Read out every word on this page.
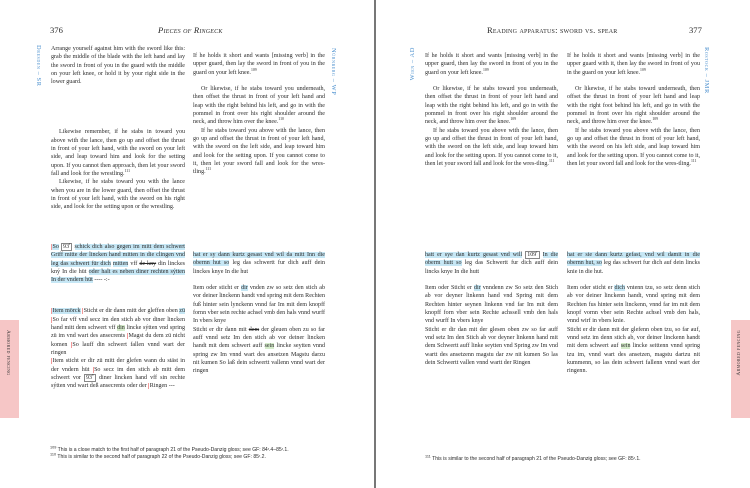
376	Pieces of Ringeck
Dresden – SR	Nürnberg – WP

Arrange yourself against him with the sword like this: grab the middle of the blade with the left hand and lay the sword in front of you in the guard with the middle on your left knee, or hold it by your right side in the lower guard.

Likewise remember, if he stabs in toward you above with the lance, then go up and offset the thrust in front of your left hand, with the sword on your left side, and leap toward him and look for the setting upon. If you cannot then approach, then let your sword fall and look for the wrestling.$^{111}$

Likewise, if he stabs toward you with the lance when you are in the lower guard, then offset the thrust in front of your left hand, with the sword on his right side, and look for the setting upon or the wrestling.

If he holds it short and wants [missing verb] in the upper guard, then lay the sword in front of you in the guard on your left knee.$^{109}$

Or likewise, if he stabs toward you underneath, then offset the thrust in front of your left hand and leap with the right behind his left, and go in with the pommel in front over his right shoulder around the neck, and throw him over the knee.$^{110}$

If he stabs toward you above with the lance, then go up and offset the thrust in front of your left hand, with the sword on the left side, and leap toward him and look for the setting upon. If you cannot come to it, then let your sword fall and look for the wres-tling.$^{111}$

So 93$^r$ schick dich also gegen im mitt dem schwert Griff mitte der lincken hand mitten in die clingen vnd leg das schwert für dich mitten vff de kny din linckes kný In die hüt oder halt es neben diner rechten sýtten In der vndern hüt ---- -:-

Item mörck Sticht er dir dann mitt der gleffen oben zü So far vff vnd secz im den stich ab vor diner lincken hand mitt dem schwert vff din lincke sýtten vnd spring zü im vnd wart des ansecrents Magst du dem zü nicht komen So lauff din schwert fallen vnnd wart der ringen

Item sticht er dir zü mitt der glefen wann du stäst in der vndern hüt So secz im den stich ab mitt dem schwert vor 93$^v$ diner lincken hand vff sin rechte sýtten vnd wart deß ansecrents oder der Ringen ---

hat er sy dann kurtz gesast vnd wil da mitt Inn die obernn hut so leg das schwertt fur dich auff dein linckes knye In die hut

Item oder sticht er dir vnden zw so setz den stich ab vor deiner linckenn handt vnd spring mit dem Rechten fuß hinter sein lynckenn vnnd far Im mit dem knopff fornn vber sein rechte achsel vmb den hals vnnd wurff In vbers knye

Sticht er dir dann mit dem der gleuen oben zu so far auff vnnd setz Im den stich ab vor deiner lincken handt mit dem schwert auff sein lincke seytten vnnd spring zw Im vnnd wart des ansetzen Magstu darzu nit kumen So laß dein schwertt vallenn vnnd wart der ringen

Armored fencing
$^{109}$ This is a close match to the first half of paragraph 21 of the Pseudo-Danzig gloss; see GF: 84ʳ.4–85ʳ.1.
$^{110}$ This is similar to the second half of paragraph 22 of the Pseudo-Danzig gloss; see GF: 85ʳ.2.
Reading apparatus: sword vs. spear	377
Wien – AD	Rostock – JMR

If he holds it short and wants [missing verb] in the upper guard, then lay the sword in front of you in the guard on your left knee.$^{109}$

Or likewise, if he stabs toward you underneath, then offset the thrust in front of your left hand and leap with the right behind his left, and go in with the pommel in front over his right shoulder around the neck, and throw him over the knee.$^{109}$

If he stabs toward you above with the lance, then go up and offset the thrust in front of your left hand, with the sword on the left side, and leap toward him and look for the setting upon. If you cannot come to it, then let your sword fall and look for the wres-tling.$^{111}$

If he holds it short and wants [missing verb] in the upper guard with it, then lay the sword in front of you in the guard on your left knee.$^{109}$

Or likewise, if he stabs toward underneath, then offset the thrust in front of your left hand and leap with the right foot behind his left, and go in with the pommel in front over his right shoulder around the neck, and throw him over the knee.$^{109}$

If he stabs toward you above with the lance, then go up and offset the thrust in front of your left hand, with the sword on his left side, and leap toward him and look for the setting upon. If you cannot come to it, then let your sword fall and look for the wres-tling.$^{111}$

hatt er sye dan kurtz gesast vnd will 109$^r$ In die oberm hutt so leg das Schwertt fur dich auff dein lincks knye In die hutt

Item oder Sticht er dir vnndenn zw So setz den Stich ab vor deyner linkenn hand vnd Spring mit dem Rechten hinter seynen linkenn vnd far Im mit dem knopff forn vber sein Rechte achssell vmb den hals vnd wurff In vbers knye

Sticht er dir dan mit der glesen oben zw so far auff vnd setz Im den Stich ab vor deyner linkenn hand mit dem Schwertt auff linke seytten vnd Spring zw Im vnd wartt des ansetzenn magstu dar zw nit kumen So las dein Schwertt vallen vnnd wartt der Ringen

hat er sie dann kurtz gefast, vnd wil damit in die obernn hut, so leg das schwert fur dich auf dein lincks knie in die hut.

Item oder sticht er dich vntenn tzu, so setz denn stich ab vor deiner linckenn handt, vnnd spring mit dem Rechten fus hinter sein linckenn, vnnd far im mit dem knopf vornn vber sein Rechte achsel vmb den hals, vnnd wirf in vbers knie.

Sticht er dir dann mit der glefenn oben tzu, so far auf, vnnd setz im denn stich ab, vor deiner linckenn handt mit dem schwert auf sein lincke seittenn vnnd spring tzu im, vnnd wart des ansetzen, magstu dartzu nit kummenn, so las dein schwert fallenn vnnd wart der ringenn.	Armored fencing
$^{111}$ This is similar to the second half of paragraph 21 of the Pseudo-Danzig gloss; see GF: 85ʳ.1.
